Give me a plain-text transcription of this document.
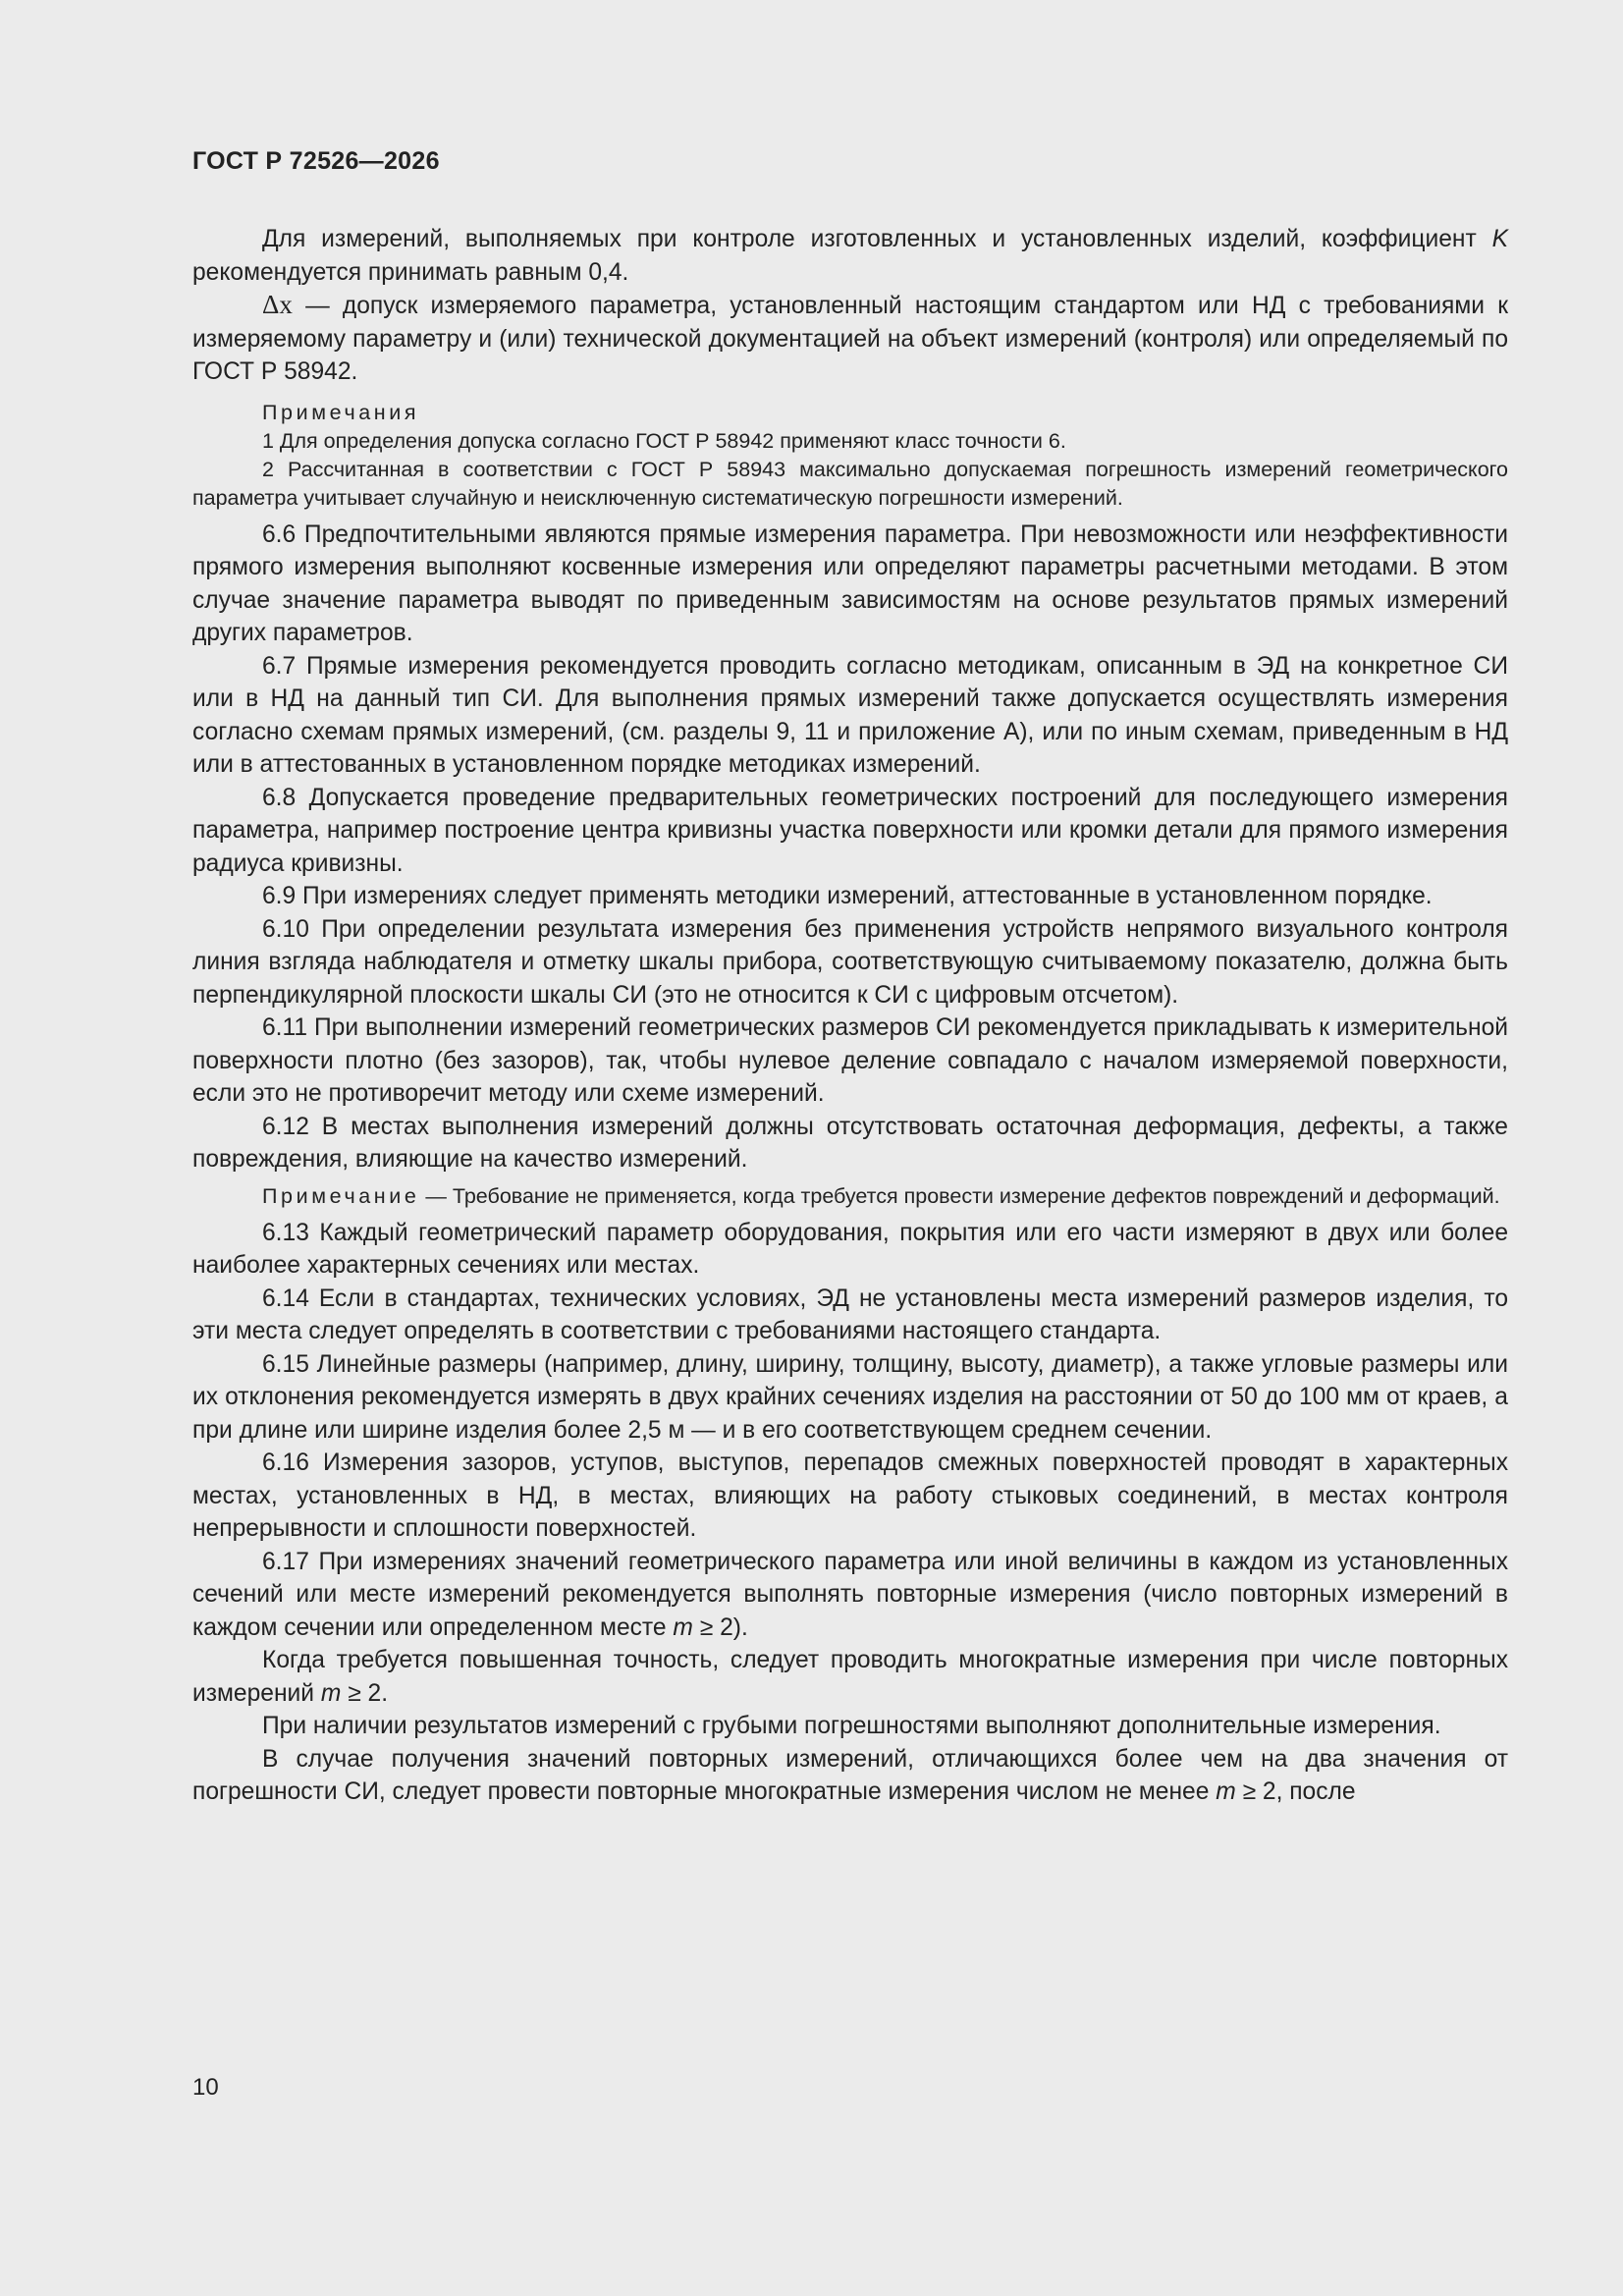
ГОСТ Р 72526—2026

Для измерений, выполняемых при контроле изготовленных и установленных изделий, коэффициент K рекомендуется принимать равным 0,4.

Δx — допуск измеряемого параметра, установленный настоящим стандартом или НД с требованиями к измеряемому параметру и (или) технической документацией на объект измерений (контроля) или определяемый по ГОСТ Р 58942.

Примечания

1 Для определения допуска согласно ГОСТ Р 58942 применяют класс точности 6.

2 Рассчитанная в соответствии с ГОСТ Р 58943 максимально допускаемая погрешность измерений геометрического параметра учитывает случайную и неисключенную систематическую погрешности измерений.

6.6 Предпочтительными являются прямые измерения параметра. При невозможности или неэффективности прямого измерения выполняют косвенные измерения или определяют параметры расчетными методами. В этом случае значение параметра выводят по приведенным зависимостям на основе результатов прямых измерений других параметров.

6.7 Прямые измерения рекомендуется проводить согласно методикам, описанным в ЭД на конкретное СИ или в НД на данный тип СИ. Для выполнения прямых измерений также допускается осуществлять измерения согласно схемам прямых измерений, (см. разделы 9, 11 и приложение А), или по иным схемам, приведенным в НД или в аттестованных в установленном порядке методиках измерений.

6.8 Допускается проведение предварительных геометрических построений для последующего измерения параметра, например построение центра кривизны участка поверхности или кромки детали для прямого измерения радиуса кривизны.

6.9 При измерениях следует применять методики измерений, аттестованные в установленном порядке.

6.10 При определении результата измерения без применения устройств непрямого визуального контроля линия взгляда наблюдателя и отметку шкалы прибора, соответствующую считываемому показателю, должна быть перпендикулярной плоскости шкалы СИ (это не относится к СИ с цифровым отсчетом).

6.11 При выполнении измерений геометрических размеров СИ рекомендуется прикладывать к измерительной поверхности плотно (без зазоров), так, чтобы нулевое деление совпадало с началом измеряемой поверхности, если это не противоречит методу или схеме измерений.

6.12 В местах выполнения измерений должны отсутствовать остаточная деформация, дефекты, а также повреждения, влияющие на качество измерений.

Примечание — Требование не применяется, когда требуется провести измерение дефектов повреждений и деформаций.

6.13 Каждый геометрический параметр оборудования, покрытия или его части измеряют в двух или более наиболее характерных сечениях или местах.

6.14 Если в стандартах, технических условиях, ЭД не установлены места измерений размеров изделия, то эти места следует определять в соответствии с требованиями настоящего стандарта.

6.15 Линейные размеры (например, длину, ширину, толщину, высоту, диаметр), а также угловые размеры или их отклонения рекомендуется измерять в двух крайних сечениях изделия на расстоянии от 50 до 100 мм от краев, а при длине или ширине изделия более 2,5 м — и в его соответствующем среднем сечении.

6.16 Измерения зазоров, уступов, выступов, перепадов смежных поверхностей проводят в характерных местах, установленных в НД, в местах, влияющих на работу стыковых соединений, в местах контроля непрерывности и сплошности поверхностей.

6.17 При измерениях значений геометрического параметра или иной величины в каждом из установленных сечений или месте измерений рекомендуется выполнять повторные измерения (число повторных измерений в каждом сечении или определенном месте m ≥ 2).

Когда требуется повышенная точность, следует проводить многократные измерения при числе повторных измерений m ≥ 2.

При наличии результатов измерений с грубыми погрешностями выполняют дополнительные измерения.

В случае получения значений повторных измерений, отличающихся более чем на два значения от погрешности СИ, следует провести повторные многократные измерения числом не менее m ≥ 2, после

10
